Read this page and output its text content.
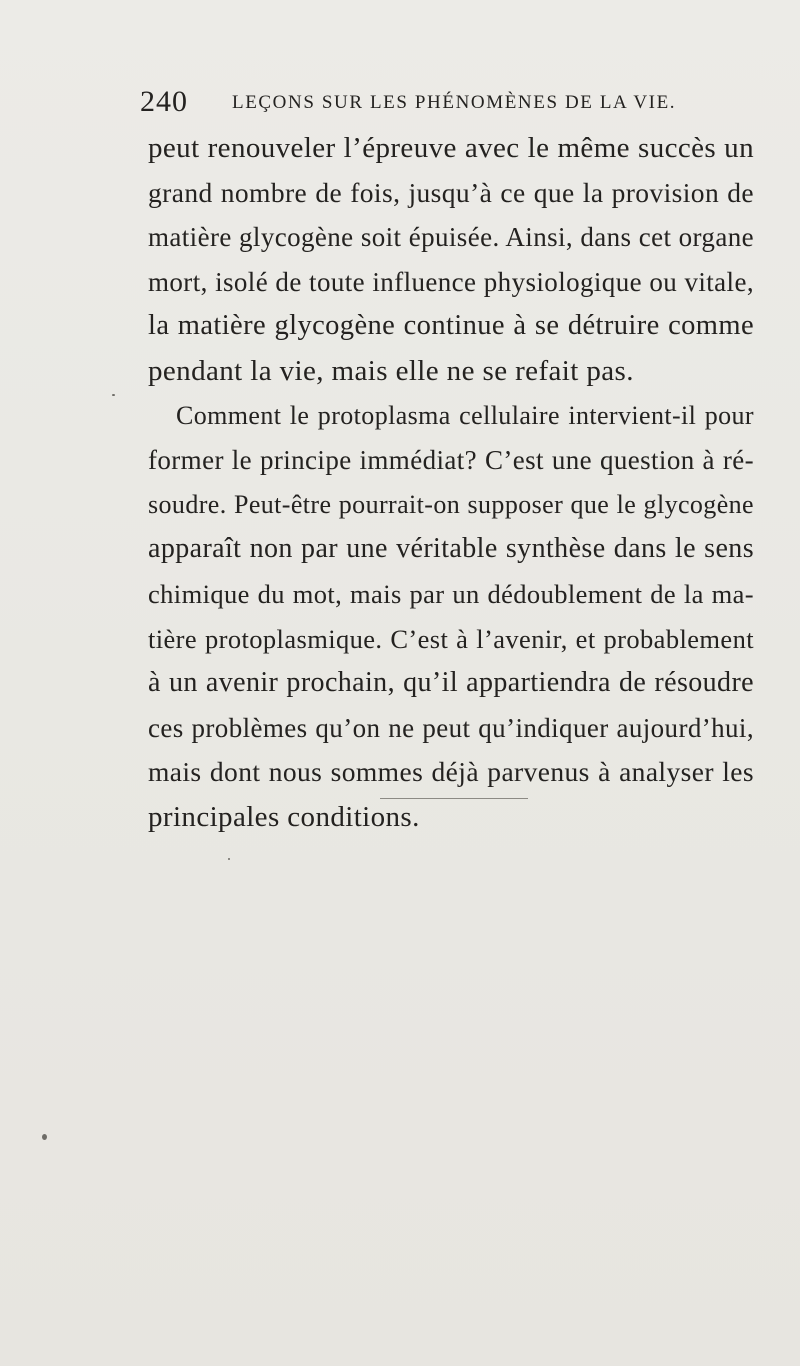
240 LEÇONS SUR LES PHÉNOMÈNES DE LA VIE.
peut renouveler l’épreuve avec le même succès un
grand nombre de fois, jusqu’à ce que la provision de
matière glycogène soit épuisée. Ainsi, dans cet organe
mort, isolé de toute influence physiologique ou vitale,
la matière glycogène continue à se détruire comme
pendant la vie, mais elle ne se refait pas.
Comment le protoplasma cellulaire intervient-il pour
former le principe immédiat? C’est une question à ré-
soudre. Peut-être pourrait-on supposer que le glycogène
apparaît non par une véritable synthèse dans le sens
chimique du mot, mais par un dédoublement de la ma-
tière protoplasmique. C’est à l’avenir, et probablement
à un avenir prochain, qu’il appartiendra de résoudre
ces problèmes qu’on ne peut qu’indiquer aujourd’hui,
mais dont nous sommes déjà parvenus à analyser les
principales conditions.
